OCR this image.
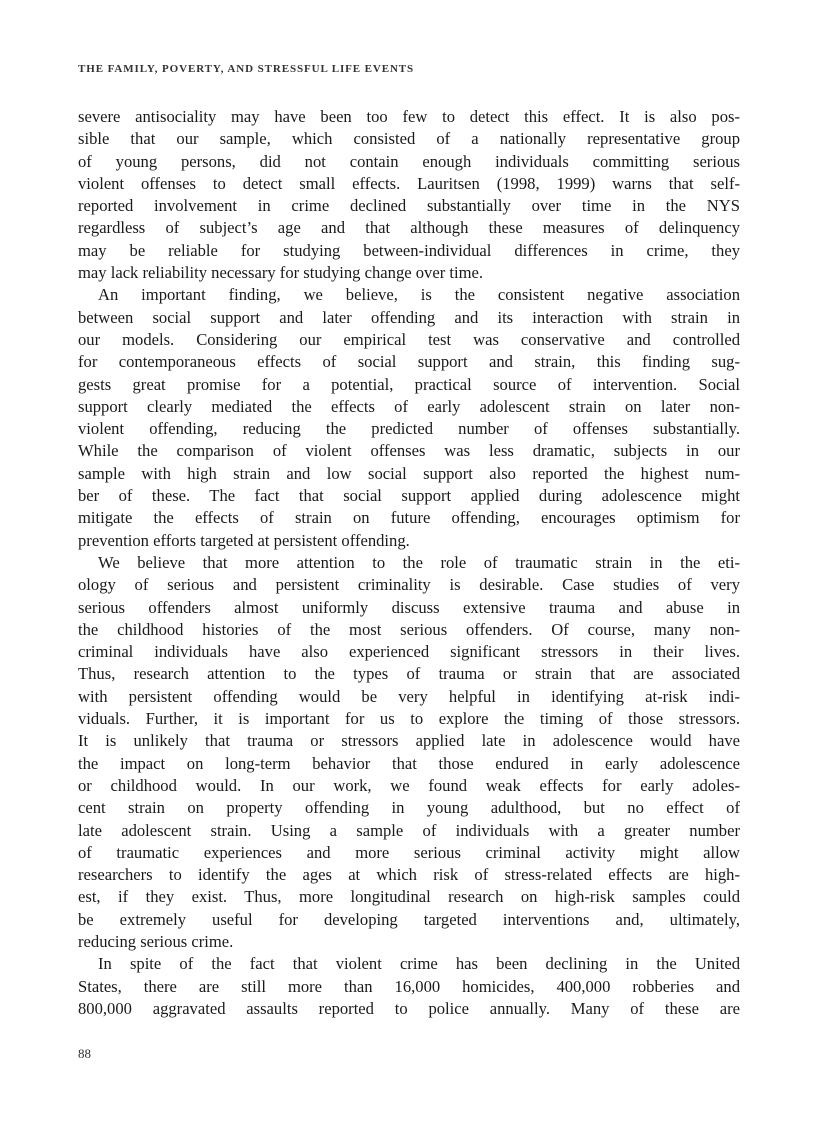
THE FAMILY, POVERTY, AND STRESSFUL LIFE EVENTS
severe antisociality may have been too few to detect this effect. It is also pos-
sible that our sample, which consisted of a nationally representative group
of young persons, did not contain enough individuals committing serious
violent offenses to detect small effects. Lauritsen (1998, 1999) warns that self-
reported involvement in crime declined substantially over time in the NYS
regardless of subject’s age and that although these measures of delinquency
may be reliable for studying between-individual differences in crime, they
may lack reliability necessary for studying change over time.
An important finding, we believe, is the consistent negative association
between social support and later offending and its interaction with strain in
our models. Considering our empirical test was conservative and controlled
for contemporaneous effects of social support and strain, this finding sug-
gests great promise for a potential, practical source of intervention. Social
support clearly mediated the effects of early adolescent strain on later non-
violent offending, reducing the predicted number of offenses substantially.
While the comparison of violent offenses was less dramatic, subjects in our
sample with high strain and low social support also reported the highest num-
ber of these. The fact that social support applied during adolescence might
mitigate the effects of strain on future offending, encourages optimism for
prevention efforts targeted at persistent offending.
We believe that more attention to the role of traumatic strain in the eti-
ology of serious and persistent criminality is desirable. Case studies of very
serious offenders almost uniformly discuss extensive trauma and abuse in
the childhood histories of the most serious offenders. Of course, many non-
criminal individuals have also experienced significant stressors in their lives.
Thus, research attention to the types of trauma or strain that are associated
with persistent offending would be very helpful in identifying at-risk indi-
viduals. Further, it is important for us to explore the timing of those stressors.
It is unlikely that trauma or stressors applied late in adolescence would have
the impact on long-term behavior that those endured in early adolescence
or childhood would. In our work, we found weak effects for early adoles-
cent strain on property offending in young adulthood, but no effect of
late adolescent strain. Using a sample of individuals with a greater number
of traumatic experiences and more serious criminal activity might allow
researchers to identify the ages at which risk of stress-related effects are high-
est, if they exist. Thus, more longitudinal research on high-risk samples could
be extremely useful for developing targeted interventions and, ultimately,
reducing serious crime.
In spite of the fact that violent crime has been declining in the United
States, there are still more than 16,000 homicides, 400,000 robberies and
800,000 aggravated assaults reported to police annually. Many of these are
88
